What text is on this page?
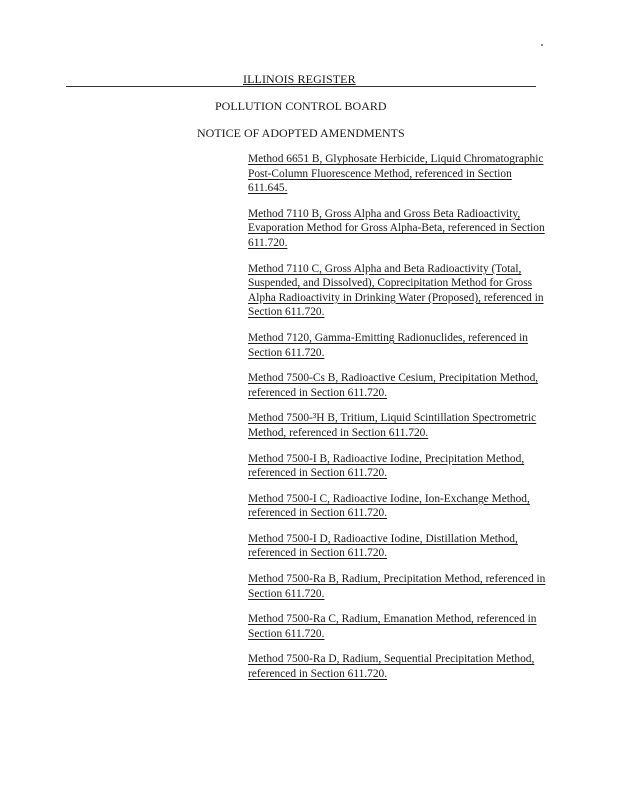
ILLINOIS REGISTER
POLLUTION CONTROL BOARD
NOTICE OF ADOPTED AMENDMENTS

Method 6651 B, Glyphosate Herbicide, Liquid Chromatographic Post-Column Fluorescence Method, referenced in Section 611.645.

Method 7110 B, Gross Alpha and Gross Beta Radioactivity, Evaporation Method for Gross Alpha-Beta, referenced in Section 611.720.

Method 7110 C, Gross Alpha and Beta Radioactivity (Total, Suspended, and Dissolved), Coprecipitation Method for Gross Alpha Radioactivity in Drinking Water (Proposed), referenced in Section 611.720.

Method 7120, Gamma-Emitting Radionuclides, referenced in Section 611.720.

Method 7500-Cs B, Radioactive Cesium, Precipitation Method, referenced in Section 611.720.

Method 7500-³H B, Tritium, Liquid Scintillation Spectrometric Method, referenced in Section 611.720.

Method 7500-I B, Radioactive Iodine, Precipitation Method, referenced in Section 611.720.

Method 7500-I C, Radioactive Iodine, Ion-Exchange Method, referenced in Section 611.720.

Method 7500-I D, Radioactive Iodine, Distillation Method, referenced in Section 611.720.

Method 7500-Ra B, Radium, Precipitation Method, referenced in Section 611.720.

Method 7500-Ra C, Radium, Emanation Method, referenced in Section 611.720.

Method 7500-Ra D, Radium, Sequential Precipitation Method, referenced in Section 611.720.
